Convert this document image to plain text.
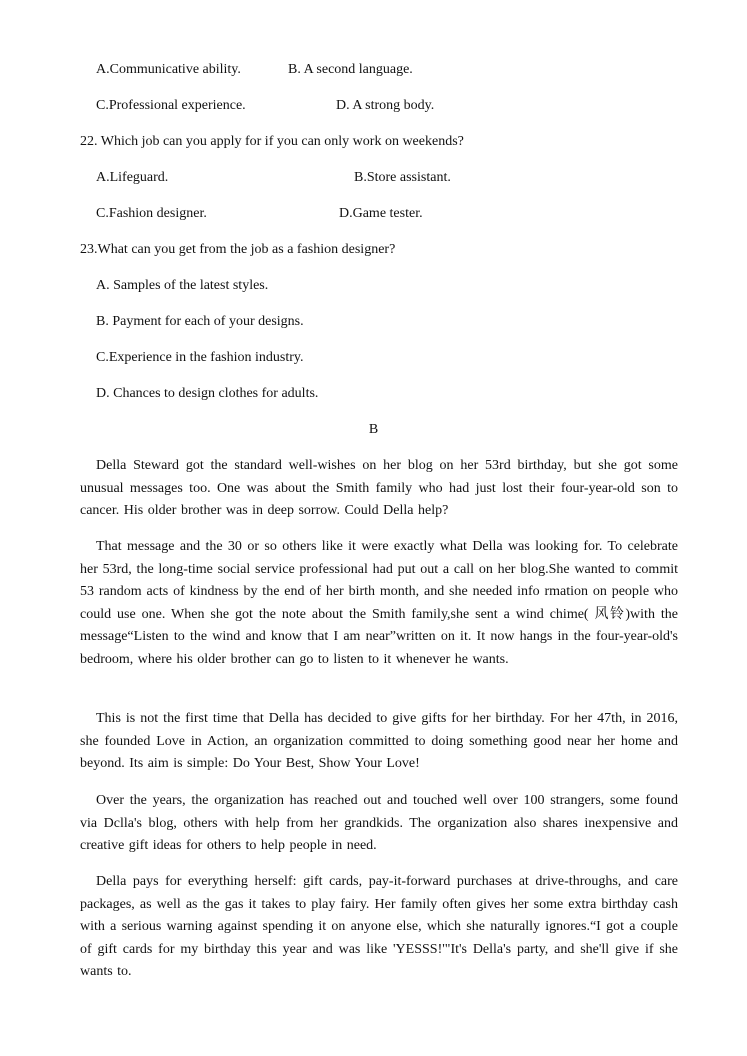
A.Communicative ability.	B. A second language.
C.Professional experience.	D. A strong body.
22. Which job can you apply for if you can only work on weekends?
A.Lifeguard.	B.Store assistant.
C.Fashion designer.	D.Game tester.
23.What can you get from the job as a fashion designer?
A. Samples of the latest styles.
B. Payment for each of your designs.
C.Experience in the fashion industry.
D. Chances to design clothes for adults.
B
Della Steward got the standard well-wishes on her blog on her 53rd birthday, but she got some unusual messages too. One was about the Smith family who had just lost their four-year-old son to cancer. His older brother was in deep sorrow. Could Della help?
That message and the 30 or so others like it were exactly what Della was looking for. To celebrate her 53rd, the long-time social service professional had put out a call on her blog.She wanted to commit 53 random acts of kindness by the end of her birth month, and she needed info rmation on people who could use one. When she got the note about the Smith family,she sent a wind chime( 风铃)with the message“Listen to the wind and know that I am near”written on it. It now hangs in the four-year-old's bedroom, where his older brother can go to listen to it whenever he wants.
This is not the first time that Della has decided to give gifts for her birthday. For her 47th, in 2016, she founded Love in Action, an organization committed to doing something good near her home and beyond. Its aim is simple: Do Your Best, Show Your Love!
Over the years, the organization has reached out and touched well over 100 strangers, some found via Dclla's blog, others with help from her grandkids. The organization also shares inexpensive and creative gift ideas for others to help people in need.
Della pays for everything herself: gift cards, pay-it-forward purchases at drive-throughs, and care packages, as well as the gas it takes to play fairy. Her family often gives her some extra birthday cash with a serious warning against spending it on anyone else, which she naturally ignores.“I got a couple of gift cards for my birthday this year and was like 'YESSS!'"It's Della's party, and she'll give if she wants to.
